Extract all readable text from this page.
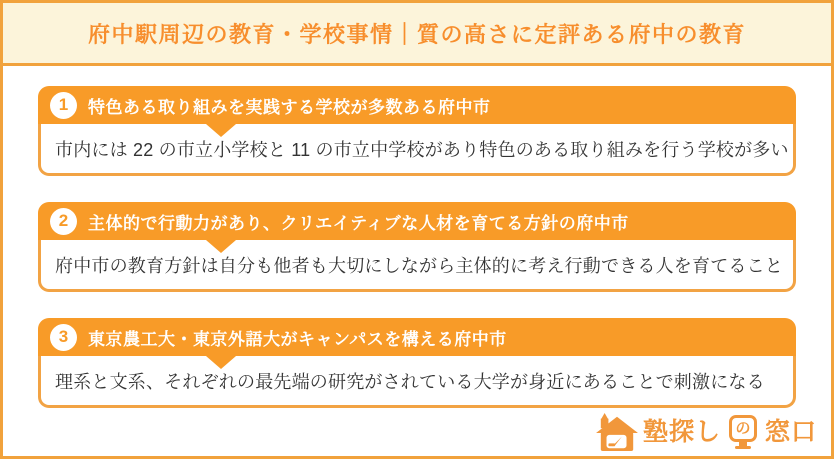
府中駅周辺の教育・学校事情｜質の高さに定評ある府中の教育
1	特色ある取り組みを実践する学校が多数ある府中市
市内には 22 の市立小学校と 11 の市立中学校があり特色のある取り組みを行う学校が多い
2	主体的で行動力があり、クリエイティブな人材を育てる方針の府中市
府中市の教育方針は自分も他者も大切にしながら主体的に考え行動できる人を育てること
3	東京農工大・東京外語大がキャンパスを構える府中市
理系と文系、それぞれの最先端の研究がされている大学が身近にあることで刺激になる
塾探し の 窓口
